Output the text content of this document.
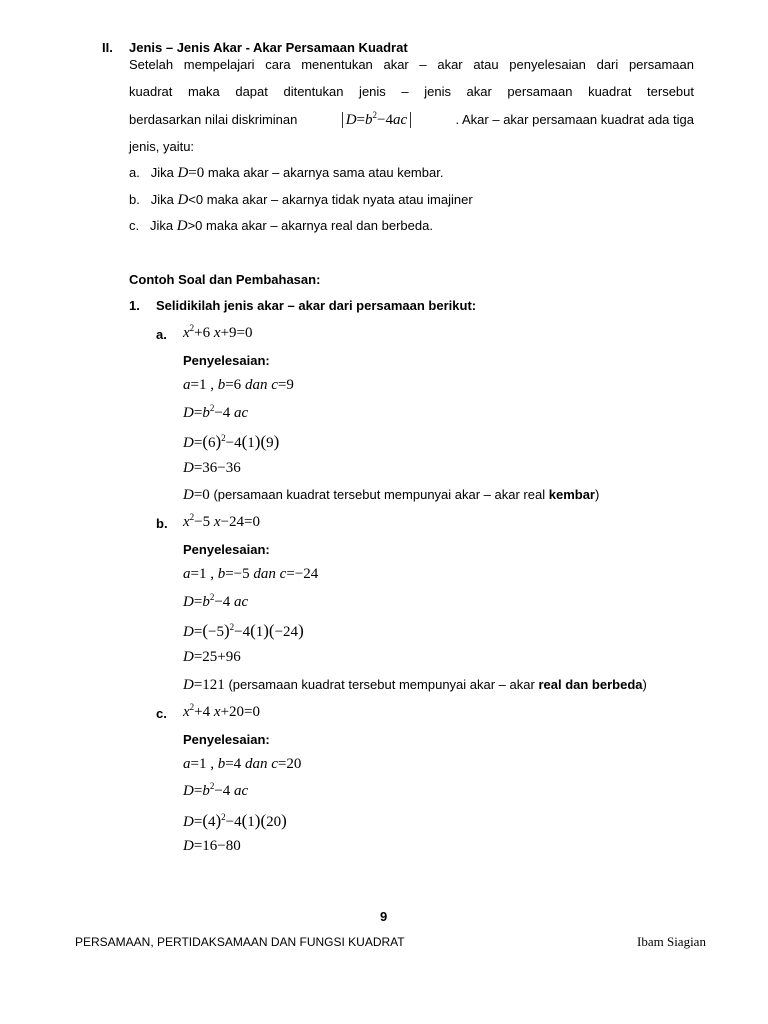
II. Jenis – Jenis Akar - Akar Persamaan Kuadrat
Setelah mempelajari cara menentukan akar – akar atau penyelesaian dari persamaan
kuadrat maka dapat ditentukan jenis – jenis akar persamaan kuadrat tersebut
berdasarkan nilai diskriminan	$D=b^2-4ac$	. Akar – akar persamaan kuadrat ada tiga
jenis, yaitu:
a. Jika D=0 maka akar – akarnya sama atau kembar.
b. Jika D<0 maka akar – akarnya tidak nyata atau imajiner
c. Jika D>0 maka akar – akarnya real dan berbeda.
Contoh Soal dan Pembahasan:
1. Selidikilah jenis akar – akar dari persamaan berikut:
a. $x^2+6$ x+9=0
Penyelesaian:
a=1 , b=6 dan c=9
$D=b^2-4$ ac
$D=(6)^2-4(1)(9)$
D=36−36
D=0 (persamaan kuadrat tersebut mempunyai akar – akar real kembar)
b. $x^2-5$ x−24=0
Penyelesaian:
a=1 , b=−5 dan c=−24
$D=b^2-4$ ac
$D=(-5)^2-4(1)(-24)$
D=25+96
D=121 (persamaan kuadrat tersebut mempunyai akar – akar real dan berbeda)
c. $x^2+4$ x+20=0
Penyelesaian:
a=1 , b=4 dan c=20
$D=b^2-4$ ac
$D=(4)^2-4(1)(20)$
D=16−80
9
PERSAMAAN, PERTIDAKSAMAAN DAN FUNGSI KUADRAT	Ibam Siagian
